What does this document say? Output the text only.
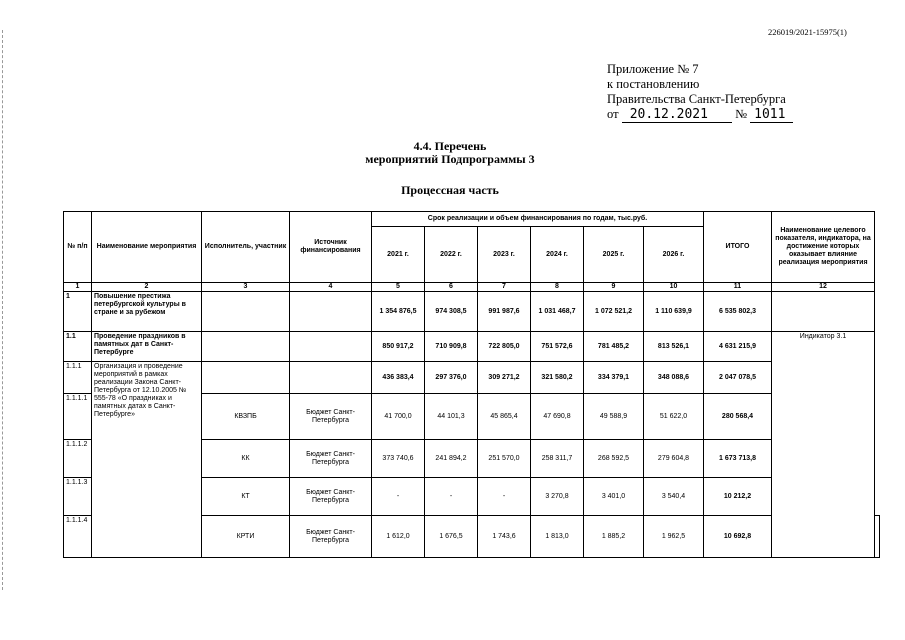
226019/2021-15975(1)
Приложение № 7
к постановлению
Правительства Санкт-Петербурга
от 20.12.2021 № 1011
4.4. Перечень
мероприятий Подпрограммы 3
Процессная часть
№ п/п	Наименование мероприятия	Исполнитель, участник	Источник финансирования	Срок реализации и объем финансирования по годам, тыс.руб.						ИТОГО	Наименование целевого показателя, индикатора, на достижение которых оказывает влияние реализация мероприятия	
				2021 г.	2022 г.	2023 г.	2024 г.	2025 г.	2026 г.			
1	2	3	4	5	6	7	8	9	10	11	12	
1	Повышение престижа петербургской культуры в стране и за рубежом			1 354 876,5	974 308,5	991 987,6	1 031 468,7	1 072 521,2	1 110 639,9	6 535 802,3		
1.1	Проведение праздников в памятных дат в Санкт-Петербурге			850 917,2	710 909,8	722 805,0	751 572,6	781 485,2	813 526,1	4 631 215,9	Индикатор 3.1	
1.1.1	Организация и проведение мероприятий в рамках реализации Закона Санкт-Петербурга от 12.10.2005 № 555-78 «О праздниках и памятных датах в Санкт-Петербурге»			436 383,4	297 376,0	309 271,2	321 580,2	334 379,1	348 088,6	2 047 078,5		
1.1.1.1		КВЗПБ	Бюджет Санкт-Петербурга	41 700,0	44 101,3	45 865,4	47 690,8	49 588,9	51 622,0	280 568,4		
1.1.1.2		КК	Бюджет Санкт-Петербурга	373 740,6	241 894,2	251 570,0	258 311,7	268 592,5	279 604,8	1 673 713,8		
1.1.1.3		КТ	Бюджет Санкт-Петербурга	-	-	-	3 270,8	3 401,0	3 540,4	10 212,2		
1.1.1.4		КРТИ	Бюджет Санкт-Петербурга	1 612,0	1 676,5	1 743,6	1 813,0	1 885,2	1 962,5	10 692,8		
